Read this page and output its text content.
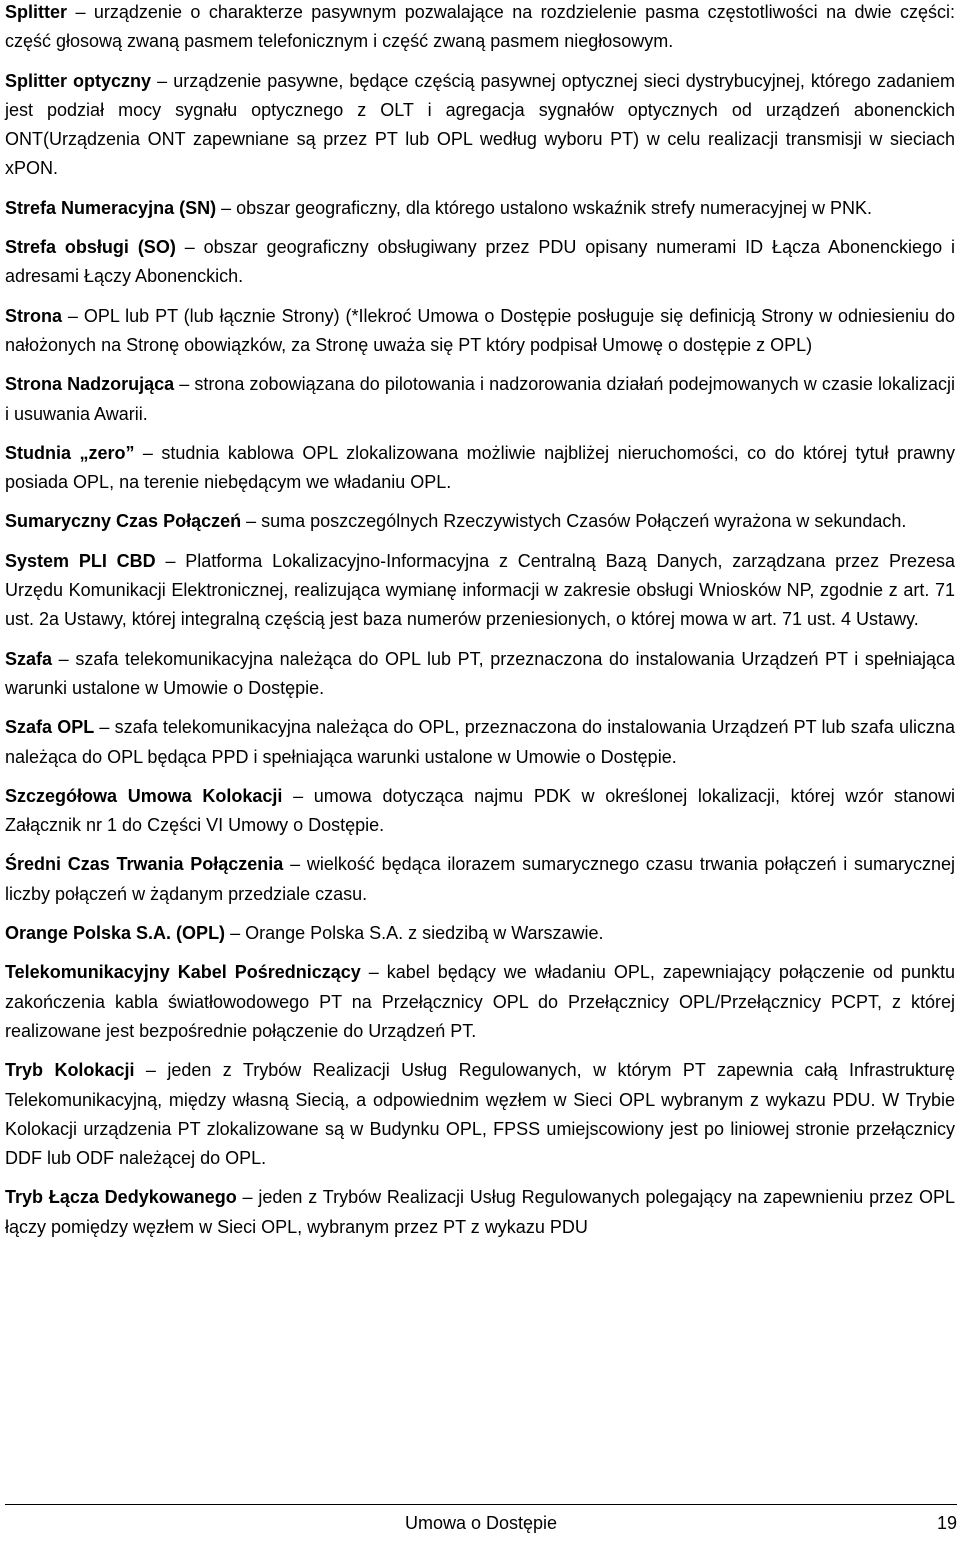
Splitter – urządzenie o charakterze pasywnym pozwalające na rozdzielenie pasma częstotliwości na dwie części: część głosową zwaną pasmem telefonicznym i część zwaną pasmem niegłosowym.

Splitter optyczny – urządzenie pasywne, będące częścią pasywnej optycznej sieci dystrybucyjnej, którego zadaniem jest podział mocy sygnału optycznego z OLT i agregacja sygnałów optycznych od urządzeń abonenckich ONT(Urządzenia ONT zapewniane są przez PT lub OPL według wyboru PT) w celu realizacji transmisji w sieciach xPON.

Strefa Numeracyjna (SN) – obszar geograficzny, dla którego ustalono wskaźnik strefy numeracyjnej w PNK.

Strefa obsługi (SO) – obszar geograficzny obsługiwany przez PDU opisany numerami ID Łącza Abonenckiego i adresami Łączy Abonenckich.

Strona – OPL lub PT (lub łącznie Strony) (*Ilekroć Umowa o Dostępie posługuje się definicją Strony w odniesieniu do nałożonych na Stronę obowiązków, za Stronę uważa się PT który podpisał Umowę o dostępie z OPL)

Strona Nadzorująca – strona zobowiązana do pilotowania i nadzorowania działań podejmowanych w czasie lokalizacji i usuwania Awarii.

Studnia „zero” – studnia kablowa OPL zlokalizowana możliwie najbliżej nieruchomości, co do której tytuł prawny posiada OPL, na terenie niebędącym we władaniu OPL.

Sumaryczny Czas Połączeń – suma poszczególnych Rzeczywistych Czasów Połączeń wyrażona w sekundach.

System PLI CBD – Platforma Lokalizacyjno-Informacyjna z Centralną Bazą Danych, zarządzana przez Prezesa Urzędu Komunikacji Elektronicznej, realizująca wymianę informacji w zakresie obsługi Wniosków NP, zgodnie z art. 71 ust. 2a Ustawy, której integralną częścią jest baza numerów przeniesionych, o której mowa w art. 71 ust. 4 Ustawy.

Szafa – szafa telekomunikacyjna należąca do OPL lub PT, przeznaczona do instalowania Urządzeń PT i spełniająca warunki ustalone w Umowie o Dostępie.

Szafa OPL – szafa telekomunikacyjna należąca do OPL, przeznaczona do instalowania Urządzeń PT lub szafa uliczna należąca do OPL będąca PPD i spełniająca warunki ustalone w Umowie o Dostępie.

Szczegółowa Umowa Kolokacji – umowa dotycząca najmu PDK w określonej lokalizacji, której wzór stanowi Załącznik nr 1 do Części VI Umowy o Dostępie.

Średni Czas Trwania Połączenia – wielkość będąca ilorazem sumarycznego czasu trwania połączeń i sumarycznej liczby połączeń w żądanym przedziale czasu.

Orange Polska S.A. (OPL) – Orange Polska S.A. z siedzibą w Warszawie.

Telekomunikacyjny Kabel Pośredniczący – kabel będący we władaniu OPL, zapewniający połączenie od punktu zakończenia kabla światłowodowego PT na Przełącznicy OPL do Przełącznicy OPL/Przełącznicy PCPT, z której realizowane jest bezpośrednie połączenie do Urządzeń PT.

Tryb Kolokacji – jeden z Trybów Realizacji Usług Regulowanych, w którym PT zapewnia całą Infrastrukturę Telekomunikacyjną, między własną Siecią, a odpowiednim węzłem w Sieci OPL wybranym z wykazu PDU. W Trybie Kolokacji urządzenia PT zlokalizowane są w Budynku OPL, FPSS umiejscowiony jest po liniowej stronie przełącznicy DDF lub ODF należącej do OPL.

Tryb Łącza Dedykowanego – jeden z Trybów Realizacji Usług Regulowanych polegający na zapewnieniu przez OPL łączy pomiędzy węzłem w Sieci OPL, wybranym przez PT z wykazu PDU

Umowa o Dostępie	19
